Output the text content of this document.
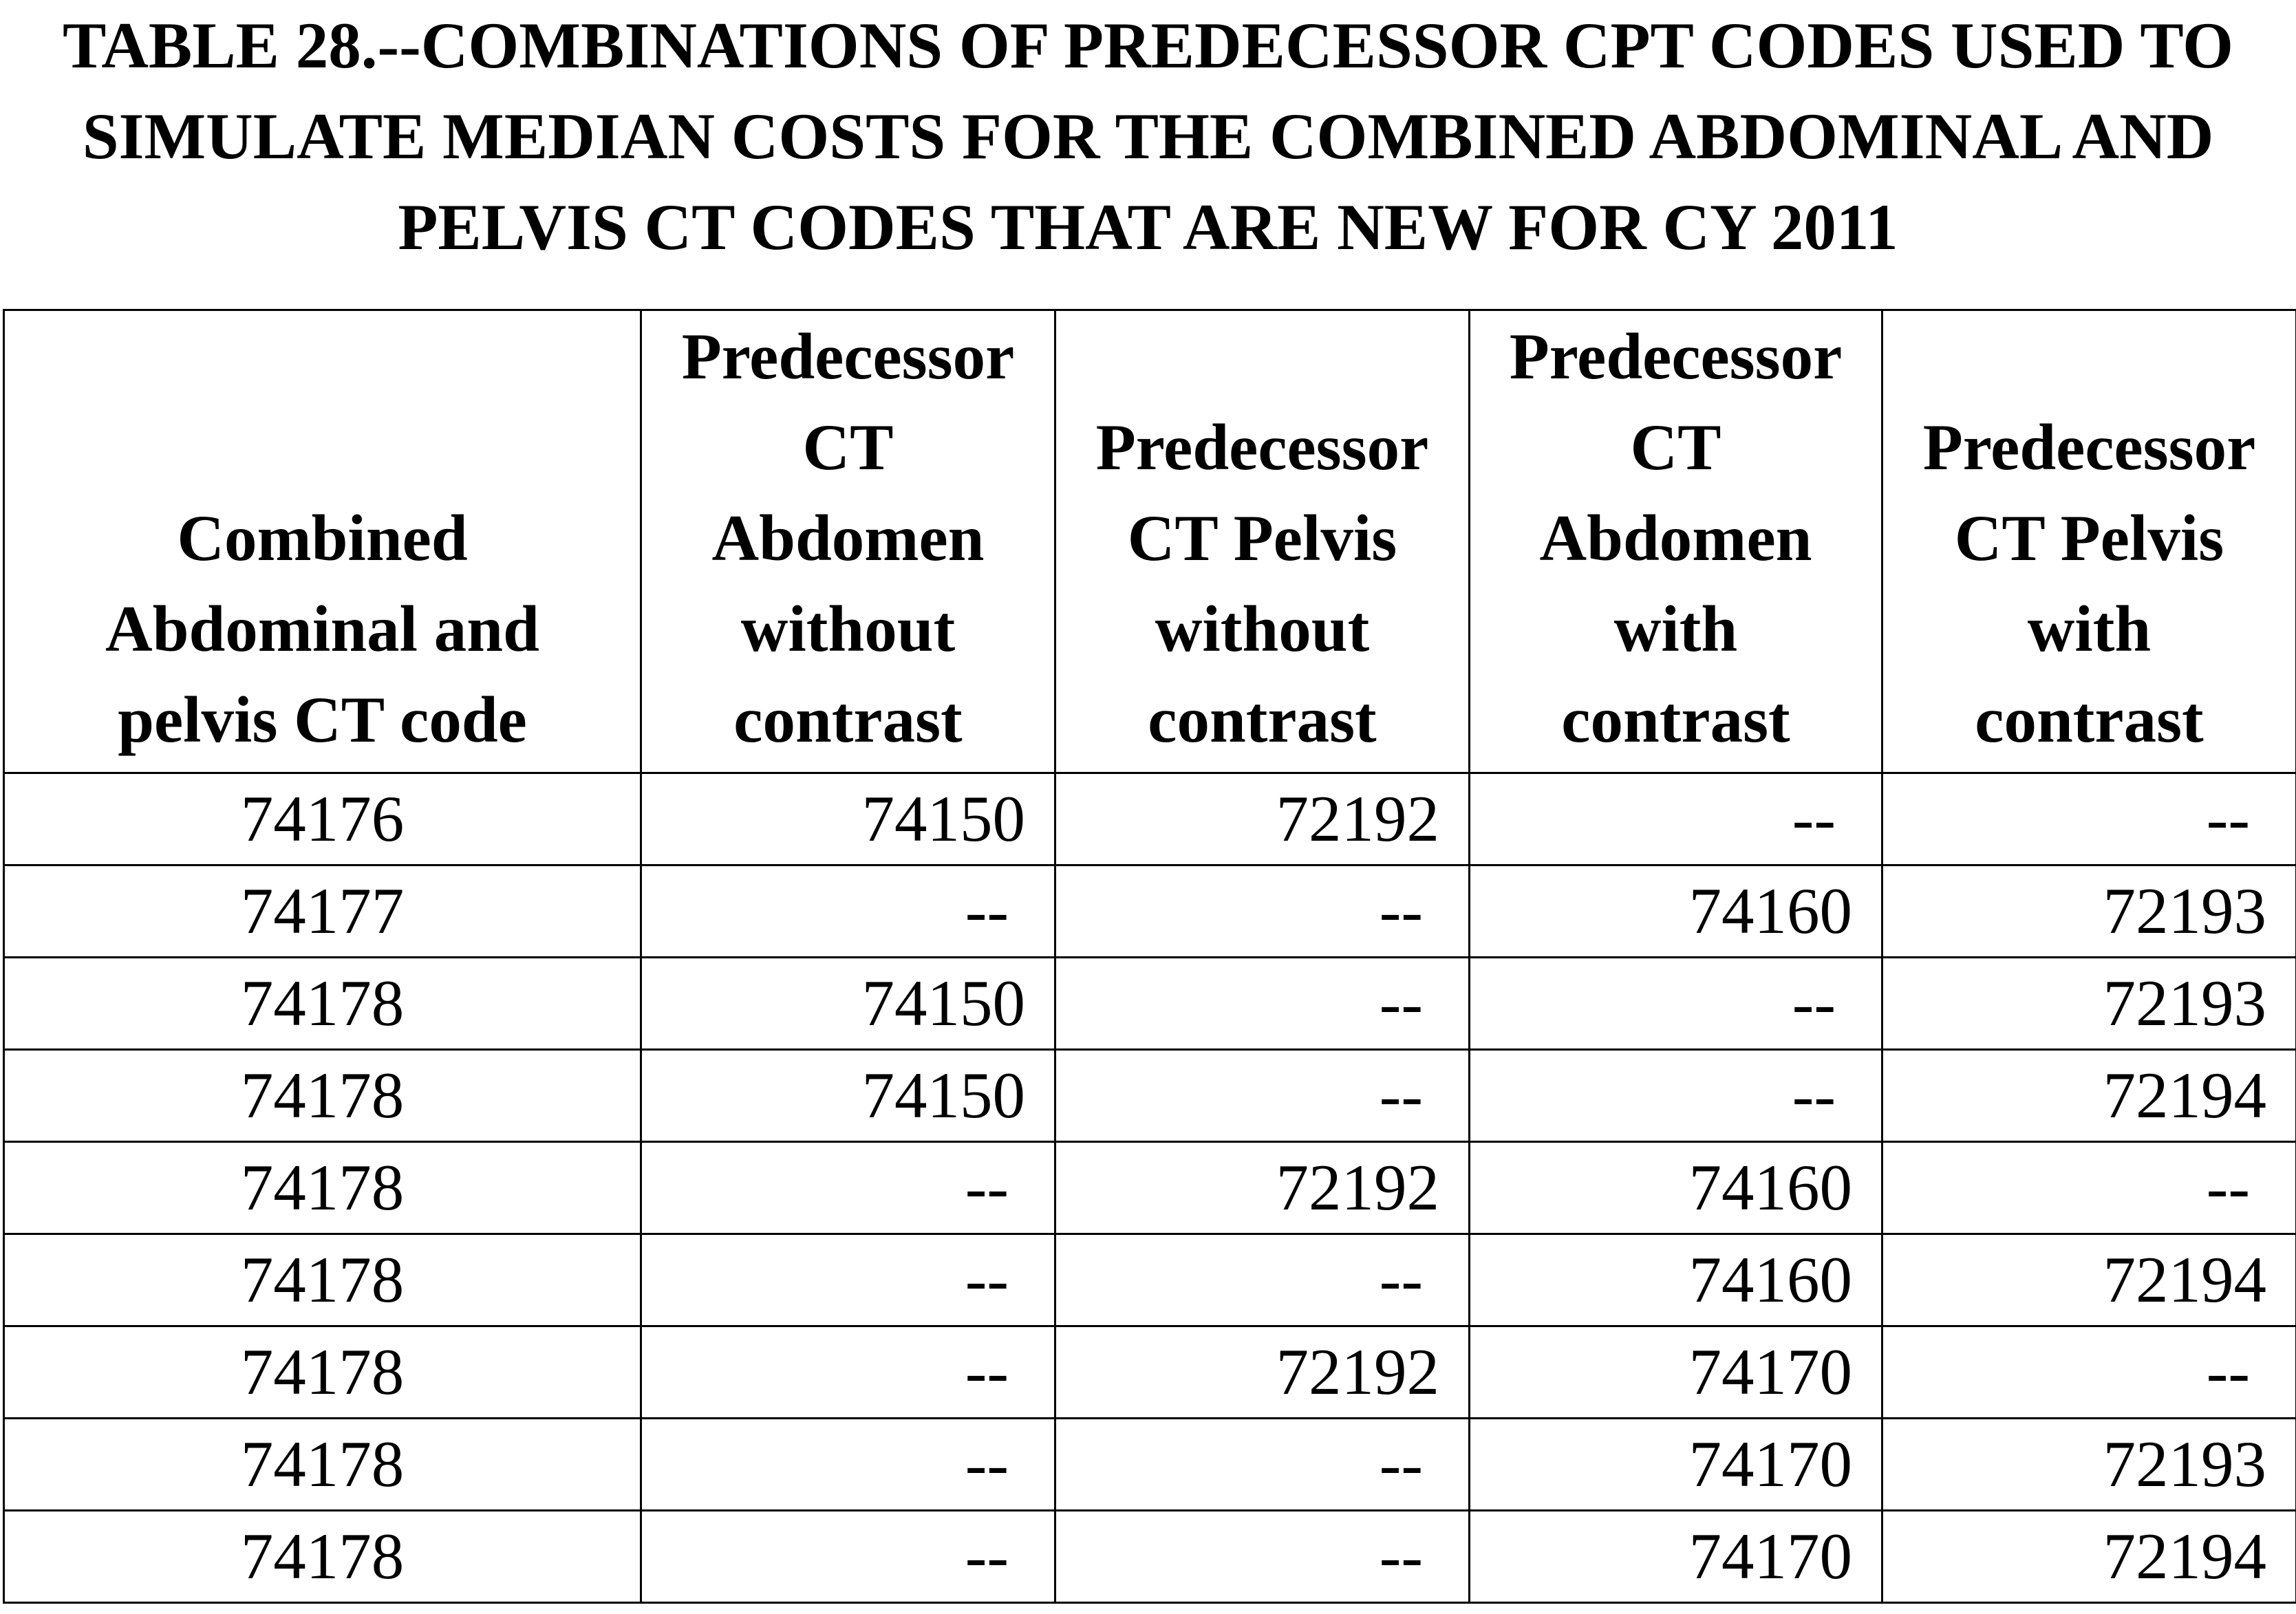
TABLE 28.--COMBINATIONS OF PREDECESSOR CPT CODES USED TO
SIMULATE MEDIAN COSTS FOR THE COMBINED ABDOMINAL AND
PELVIS CT CODES THAT ARE NEW FOR CY 2011
Combined
Abdominal and
pelvis CT code	Predecessor
CT
Abdomen
without
contrast	Predecessor
CT Pelvis
without
contrast	Predecessor
CT
Abdomen
with
contrast	Predecessor
CT Pelvis
with
contrast

74176	74150	72192	--	--
74177	--	--	74160	72193
74178	74150	--	--	72193
74178	74150	--	--	72194
74178	--	72192	74160	--
74178	--	--	74160	72194
74178	--	72192	74170	--
74178	--	--	74170	72193
74178	--	--	74170	72194
